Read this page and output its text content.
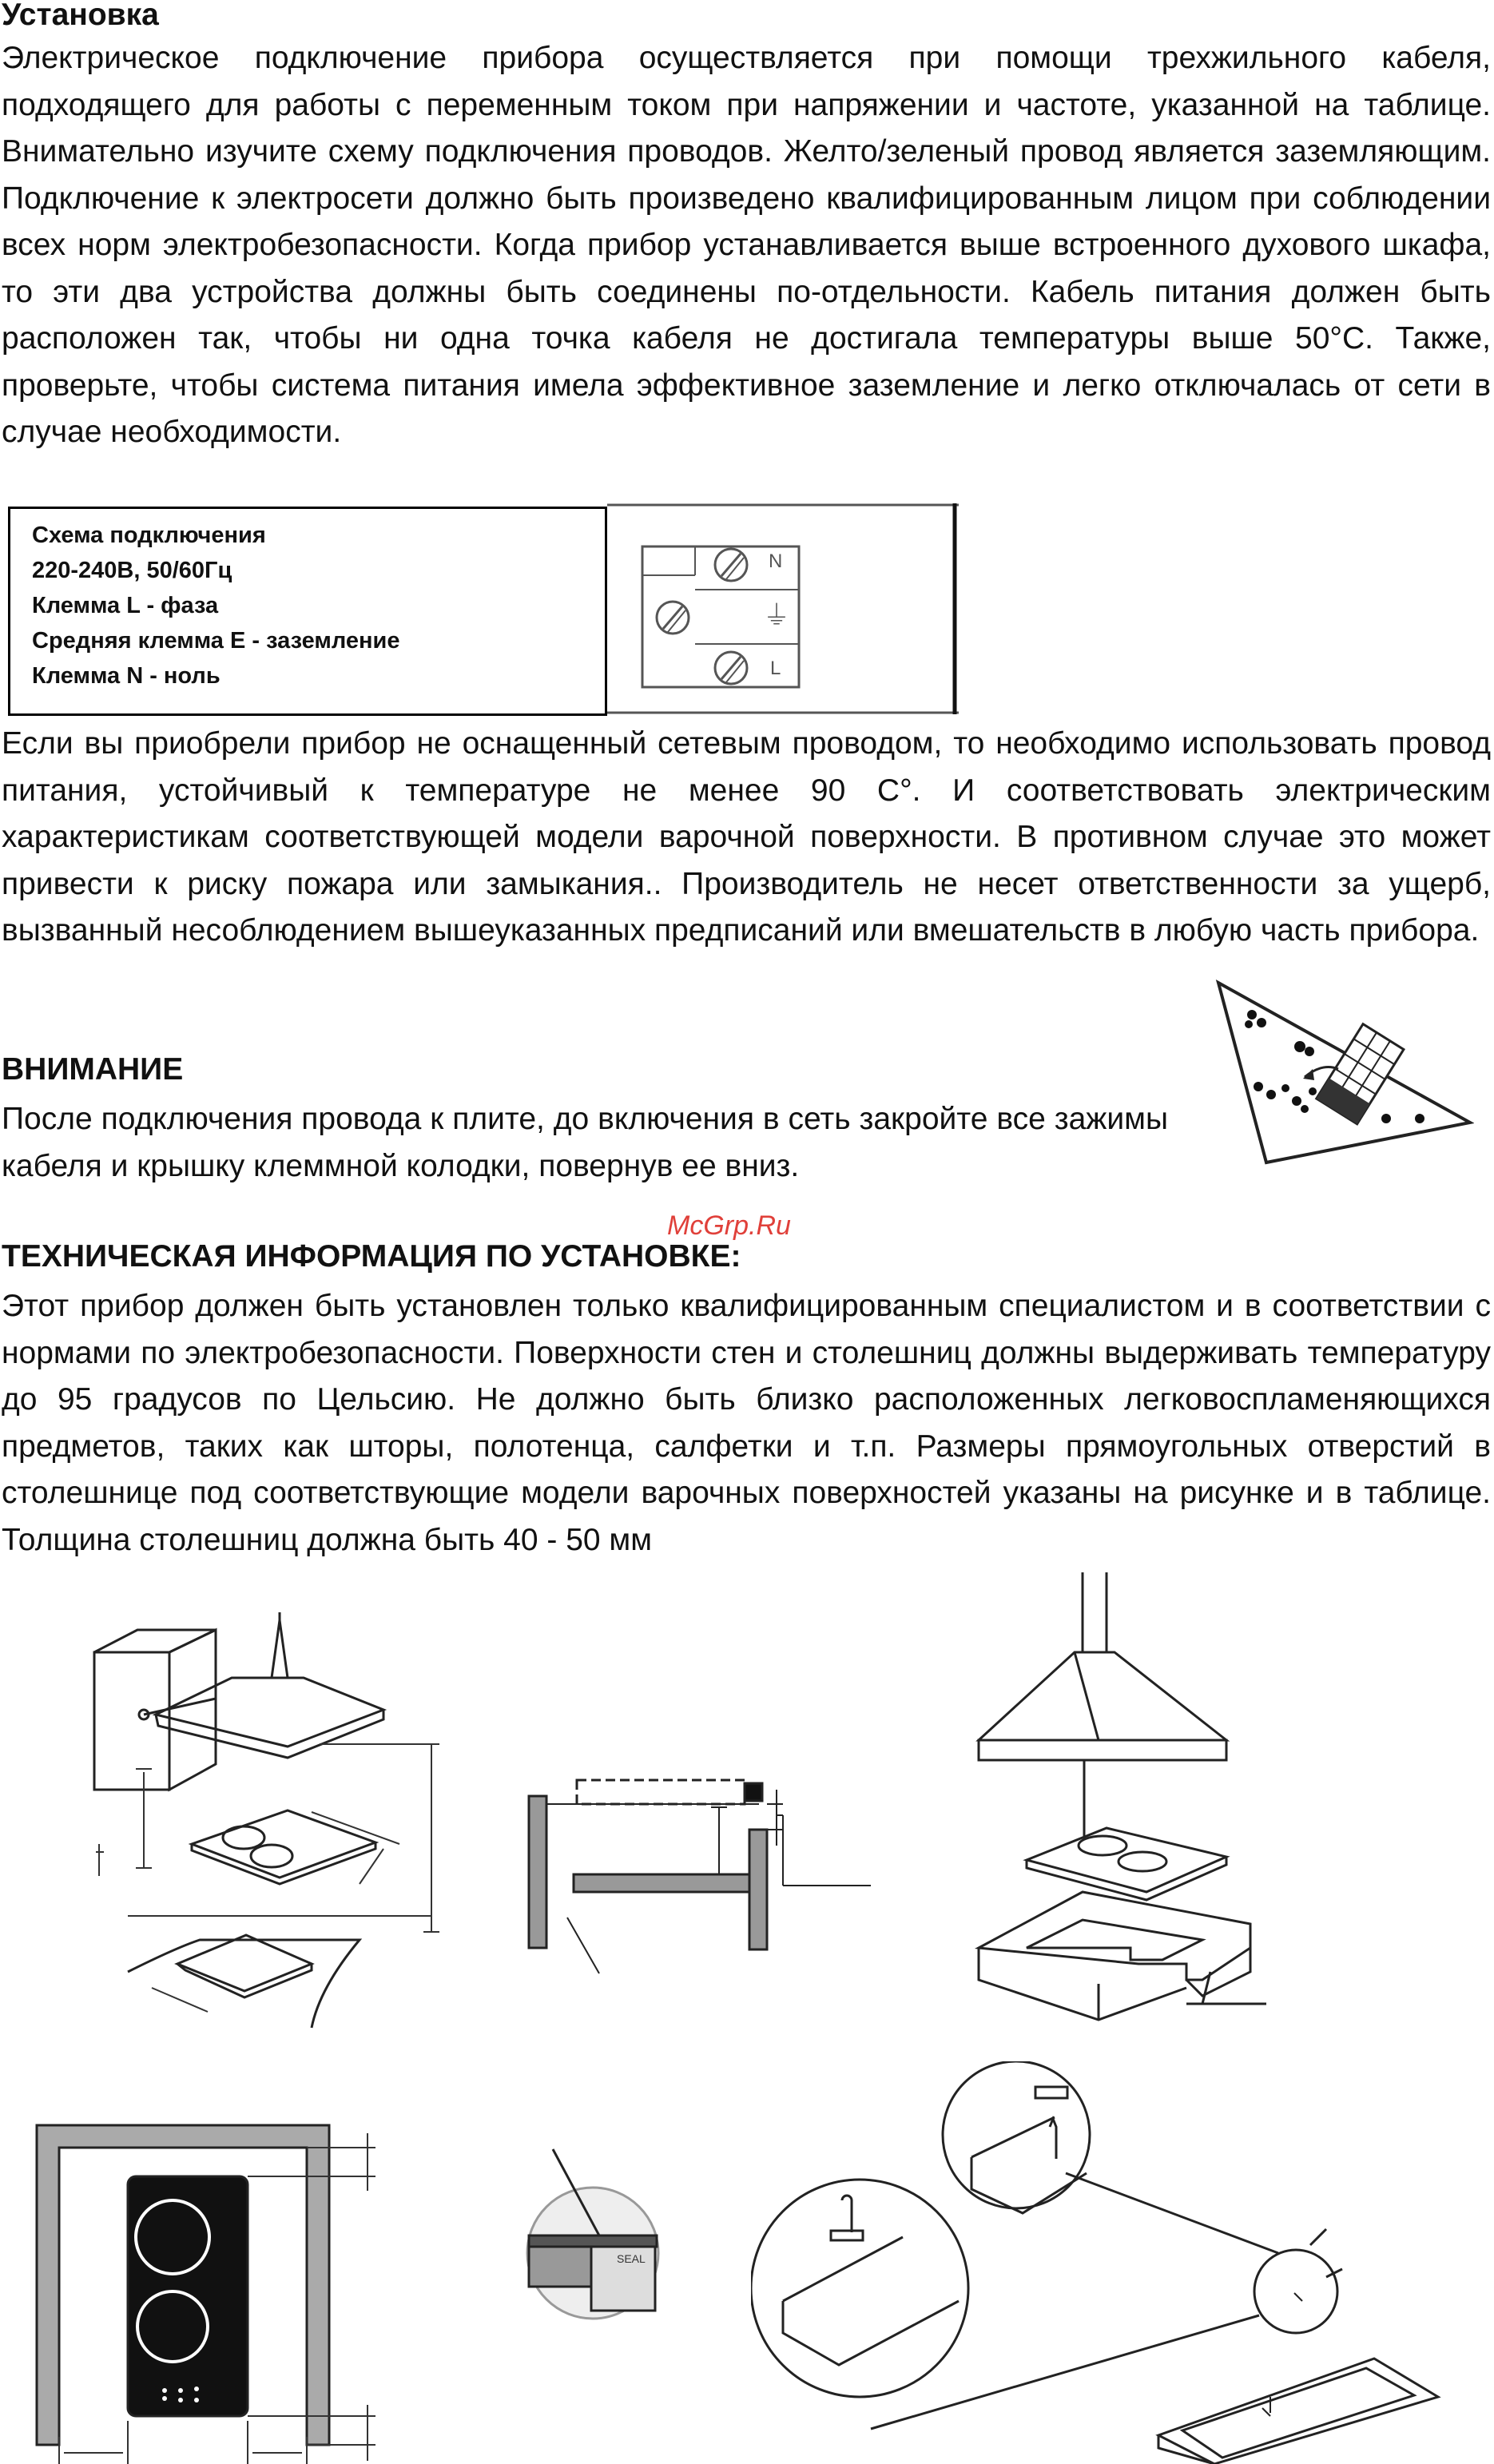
Установка

Электрическое подключение прибора осуществляется при помощи трехжильного кабеля, подходящего для работы с переменным током при напряжении и частоте, указанной на таблице. Внимательно изучите схему подключения проводов. Желто/зеленый провод является заземляющим. Подключение к электросети должно быть произведено квалифицированным лицом при соблюдении всех норм электробезопасности. Когда прибор устанавливается выше встроенного духового шкафа, то эти два устройства должны быть соединены по-отдельности. Кабель питания должен быть расположен так, чтобы ни одна точка кабеля не достигала температуры выше 50°С. Также, проверьте, чтобы система питания имела эффективное заземление и легко отключалась от сети в случае необходимости.

Схема подключения
220-240В, 50/60Гц
Клемма L - фаза
Средняя клемма E - заземление
Клемма N - ноль
N
⏚
L

Если вы приобрели прибор не оснащенный сетевым проводом, то необходимо использовать провод питания, устойчивый к температуре не менее 90 С°. И соответствовать электрическим характеристикам соответствующей модели варочной поверхности. В противном случае это может привести к риску пожара или замыкания.. Производитель не несет ответственности за ущерб, вызванный несоблюдением вышеуказанных предписаний или вмешательств в любую часть прибора.

ВНИМАНИЕ

После подключения провода к плите, до включения в сеть закройте все зажимы кабеля и крышку клеммной колодки, повернув ее вниз.

McGrp.Ru
ТЕХНИЧЕСКАЯ ИНФОРМАЦИЯ ПО УСТАНОВКЕ:

Этот прибор должен быть установлен только квалифицированным специалистом и в соответствии с нормами по электробезопасности. Поверхности стен и столешниц должны выдерживать температуру до 95 градусов по Цельсию. Не должно быть близко расположенных легковоспламеняющихся предметов, таких как шторы, полотенца, салфетки и т.п. Размеры прямоугольных отверстий в столешнице под соответствующие модели варочных поверхностей указаны на рисунке и в таблице. Толщина столешниц должна быть 40 - 50 мм

SEAL
